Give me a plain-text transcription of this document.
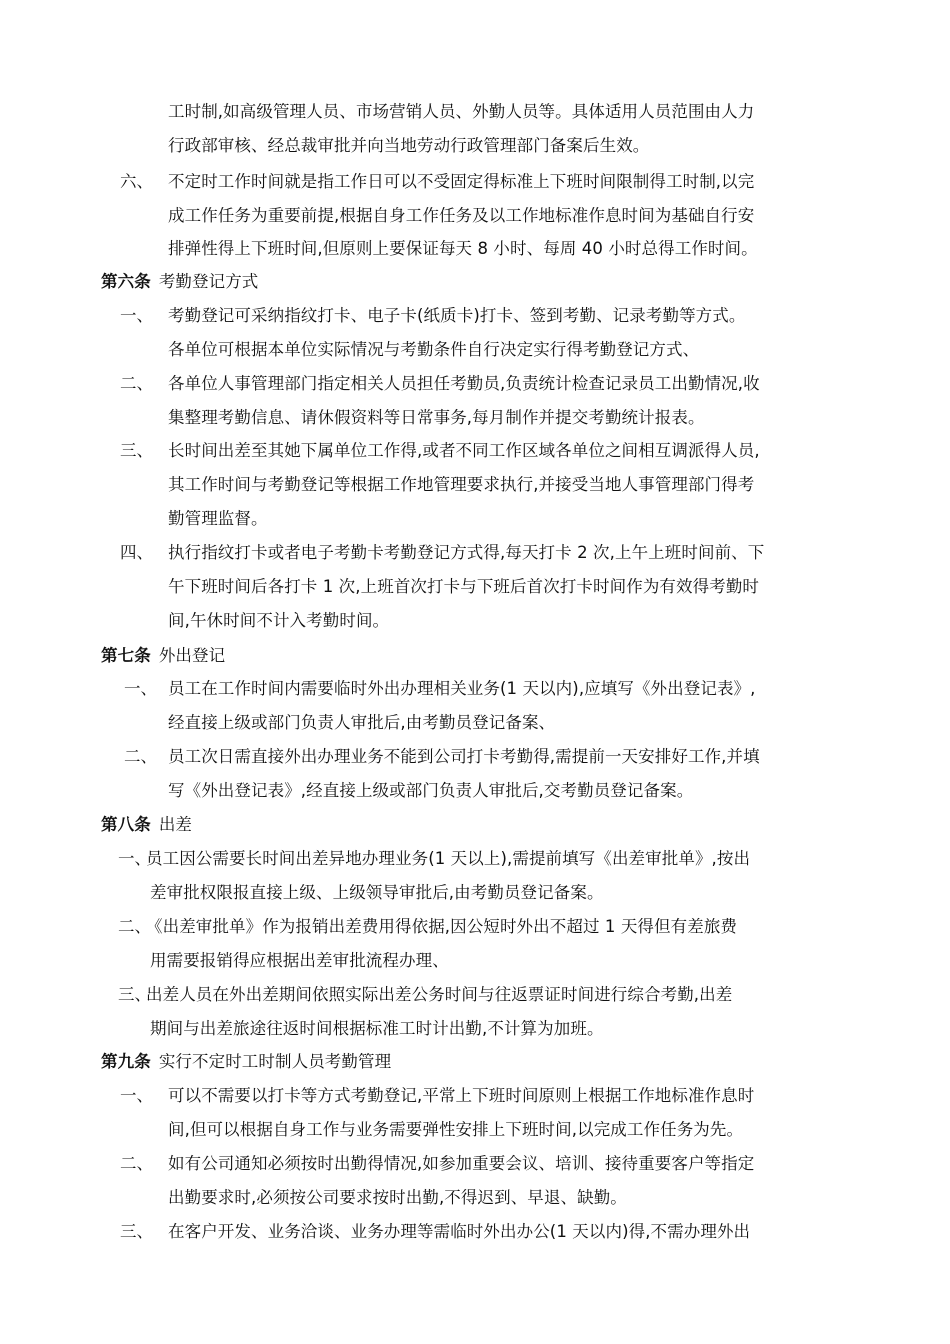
工时制,如高级管理人员、市场营销人员、外勤人员等。具体适用人员范围由人力
行政部审核、经总裁审批并向当地劳动行政管理部门备案后生效。
六、 不定时工作时间就是指工作日可以不受固定得标准上下班时间限制得工时制,以完
成工作任务为重要前提,根据自身工作任务及以工作地标准作息时间为基础自行安
排弹性得上下班时间,但原则上要保证每天 8 小时、每周 40 小时总得工作时间。
第六条 考勤登记方式
一、 考勤登记可采纳指纹打卡、电子卡(纸质卡)打卡、签到考勤、记录考勤等方式。
各单位可根据本单位实际情况与考勤条件自行决定实行得考勤登记方式、
二、 各单位人事管理部门指定相关人员担任考勤员,负责统计检查记录员工出勤情况,收
集整理考勤信息、请休假资料等日常事务,每月制作并提交考勤统计报表。
三、 长时间出差至其她下属单位工作得,或者不同工作区域各单位之间相互调派得人员,
其工作时间与考勤登记等根据工作地管理要求执行,并接受当地人事管理部门得考
勤管理监督。
四、 执行指纹打卡或者电子考勤卡考勤登记方式得,每天打卡 2 次,上午上班时间前、下
午下班时间后各打卡 1 次,上班首次打卡与下班后首次打卡时间作为有效得考勤时
间,午休时间不计入考勤时间。
第七条 外出登记
一、 员工在工作时间内需要临时外出办理相关业务(1 天以内),应填写《外出登记表》,
经直接上级或部门负责人审批后,由考勤员登记备案、
二、 员工次日需直接外出办理业务不能到公司打卡考勤得,需提前一天安排好工作,并填
写《外出登记表》,经直接上级或部门负责人审批后,交考勤员登记备案。
第八条 出差
一、
员工因公需要长时间出差异地办理业务(1 天以上),需提前填写《出差审批单》,按出
差审批权限报直接上级、上级领导审批后,由考勤员登记备案。
二、
《出差审批单》作为报销出差费用得依据,因公短时外出不超过 1 天得但有差旅费
用需要报销得应根据出差审批流程办理、
三、
出差人员在外出差期间依照实际出差公务时间与往返票证时间进行综合考勤,出差
期间与出差旅途往返时间根据标准工时计出勤,不计算为加班。
第九条 实行不定时工时制人员考勤管理
一、 可以不需要以打卡等方式考勤登记,平常上下班时间原则上根据工作地标准作息时
间,但可以根据自身工作与业务需要弹性安排上下班时间,以完成工作任务为先。
二、 如有公司通知必须按时出勤得情况,如参加重要会议、培训、接待重要客户等指定
出勤要求时,必须按公司要求按时出勤,不得迟到、早退、缺勤。
三、 在客户开发、业务洽谈、业务办理等需临时外出办公(1 天以内)得,不需办理外出
